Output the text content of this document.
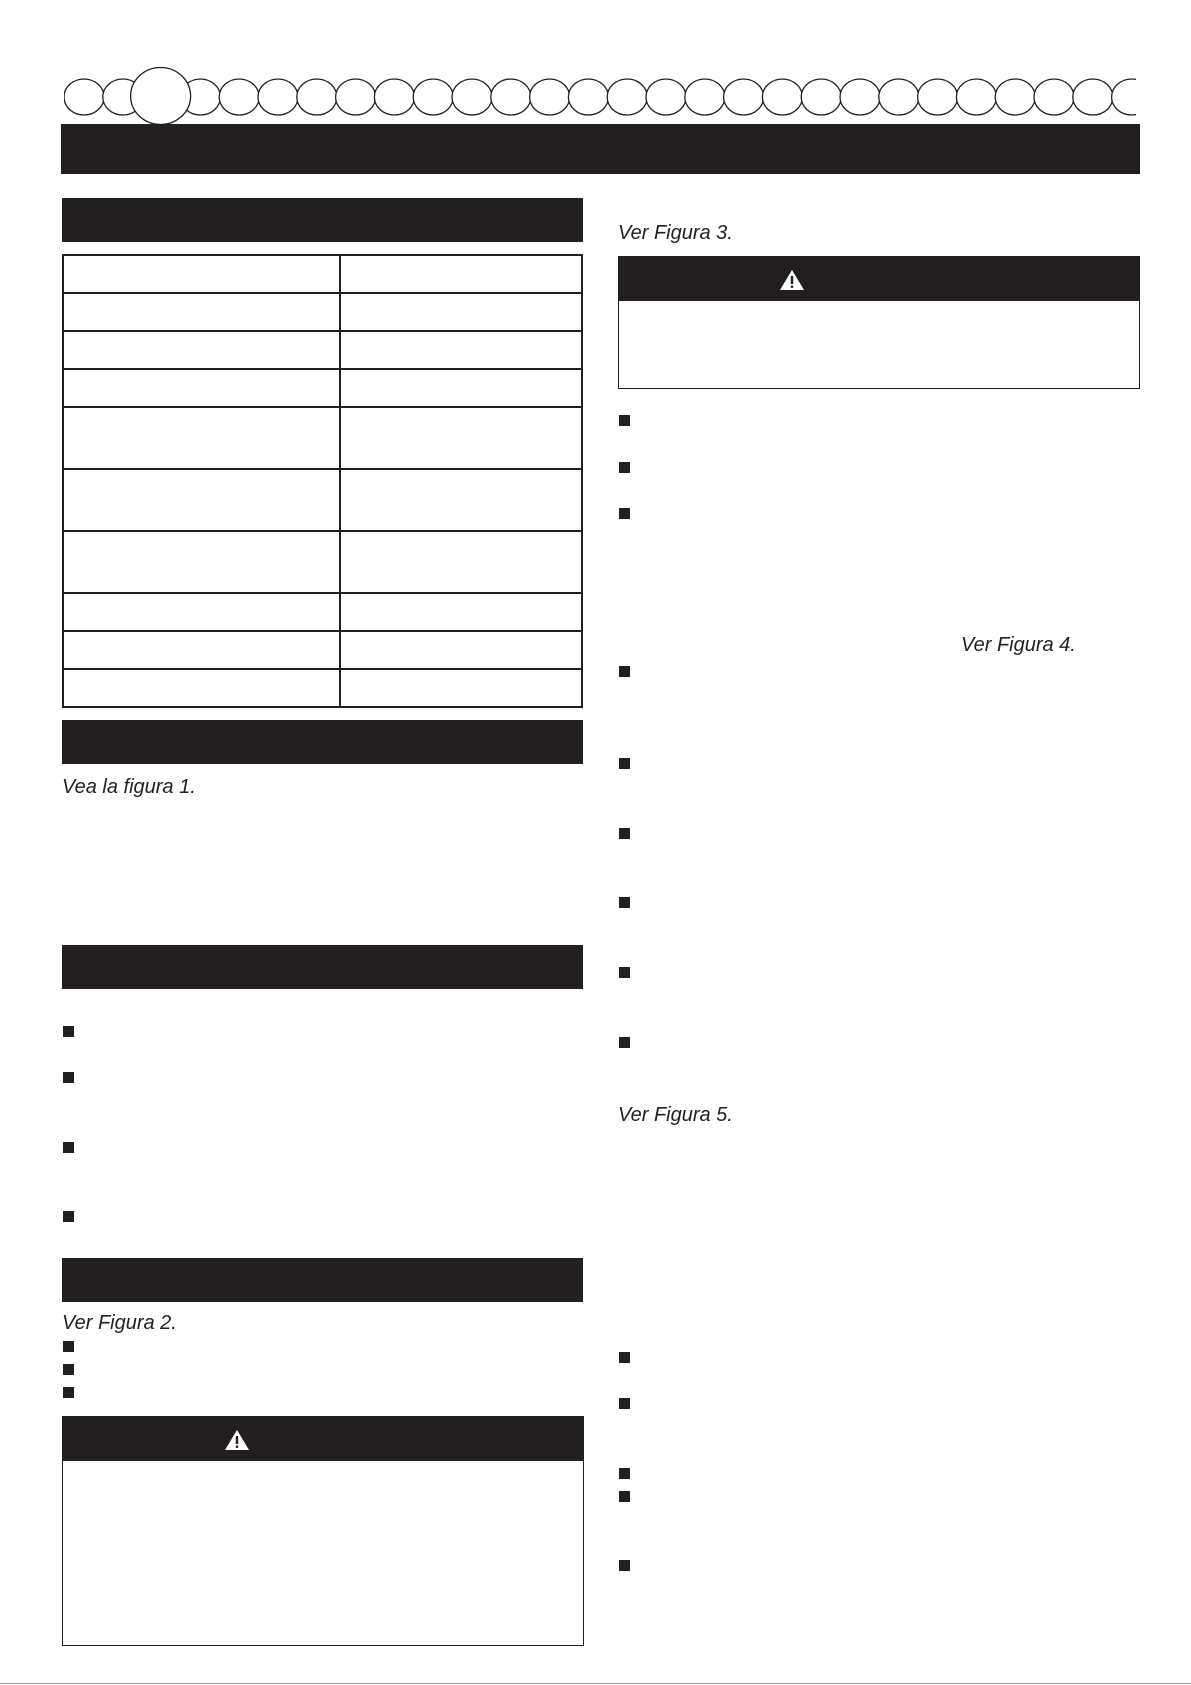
Vea la figura 1.
Ver Figura 2.
Ver Figura 3.
Ver Figura 4.
Ver Figura 5.
